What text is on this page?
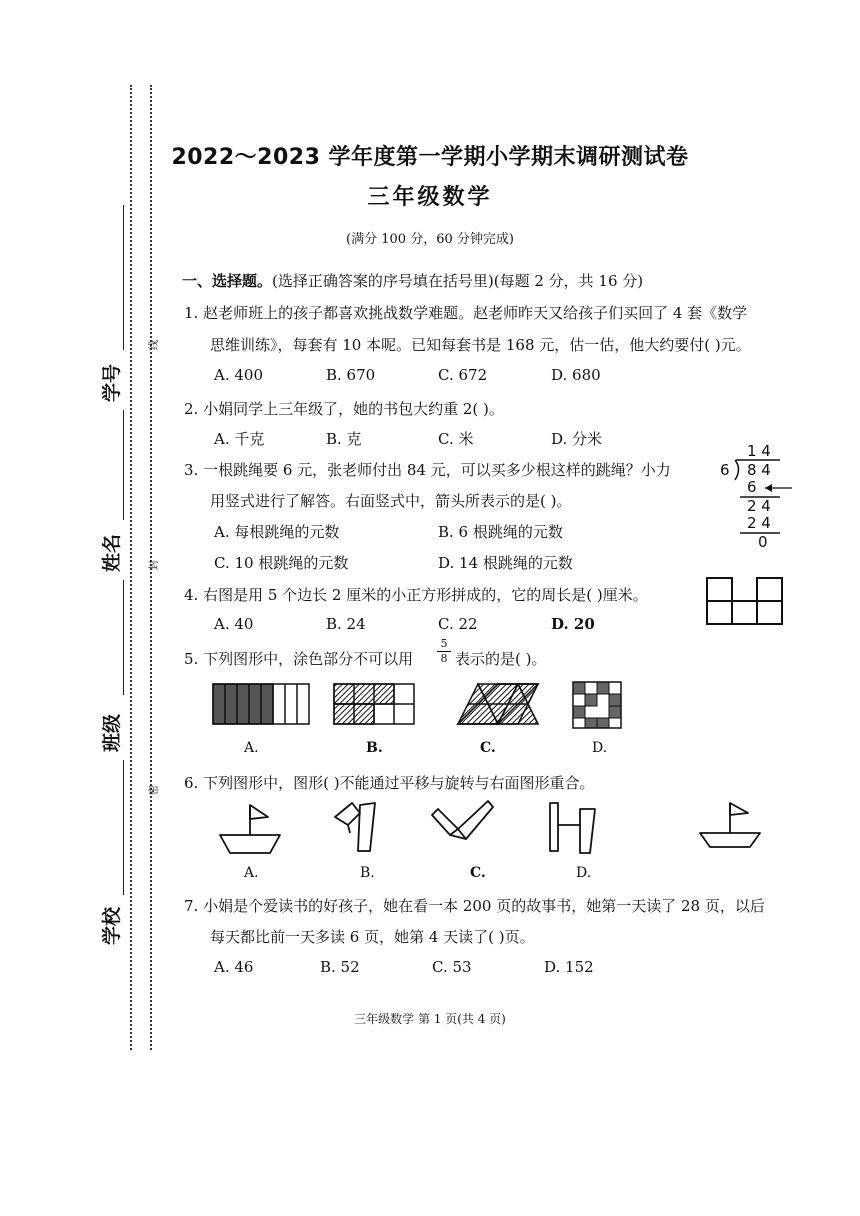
学号
姓名
班级
学校
线
封
密
2022～2023 学年度第一学期小学期末调研测试卷
三年级数学
(满分 100 分，60 分钟完成)
一、选择题。(选择正确答案的序号填在括号里)(每题 2 分，共 16 分)
1. 赵老师班上的孩子都喜欢挑战数学难题。赵老师昨天又给孩子们买回了 4 套《数学
思维训练》，每套有 10 本呢。已知每套书是 168 元，估一估，他大约要付( )元。
A. 400	B. 670	C. 672	D. 680
2. 小娟同学上三年级了，她的书包大约重 2( )。
A. 千克	B. 克	C. 米	D. 分米
3. 一根跳绳要 6 元，张老师付出 84 元，可以买多少根这样的跳绳？小力
用竖式进行了解答。右面竖式中，箭头所表示的是( )。
A. 每根跳绳的元数	B. 6 根跳绳的元数
C. 10 根跳绳的元数	D. 14 根跳绳的元数
1 4
6 8 4
6
2 4
2 4
0
4. 右图是用 5 个边长 2 厘米的小正方形拼成的，它的周长是( )厘米。
A. 40	B. 24	C. 22	D. 20
5. 下列图形中，涂色部分不可以用
5
8 表示的是( )。
A.	B.	C.	D.
6. 下列图形中，图形( )不能通过平移与旋转与右面图形重合。
A.	B.	C.	D.
7. 小娟是个爱读书的好孩子，她在看一本 200 页的故事书，她第一天读了 28 页，以后
每天都比前一天多读 6 页，她第 4 天读了( )页。
A. 46	B. 52	C. 53	D. 152
三年级数学 第 1 页(共 4 页)
